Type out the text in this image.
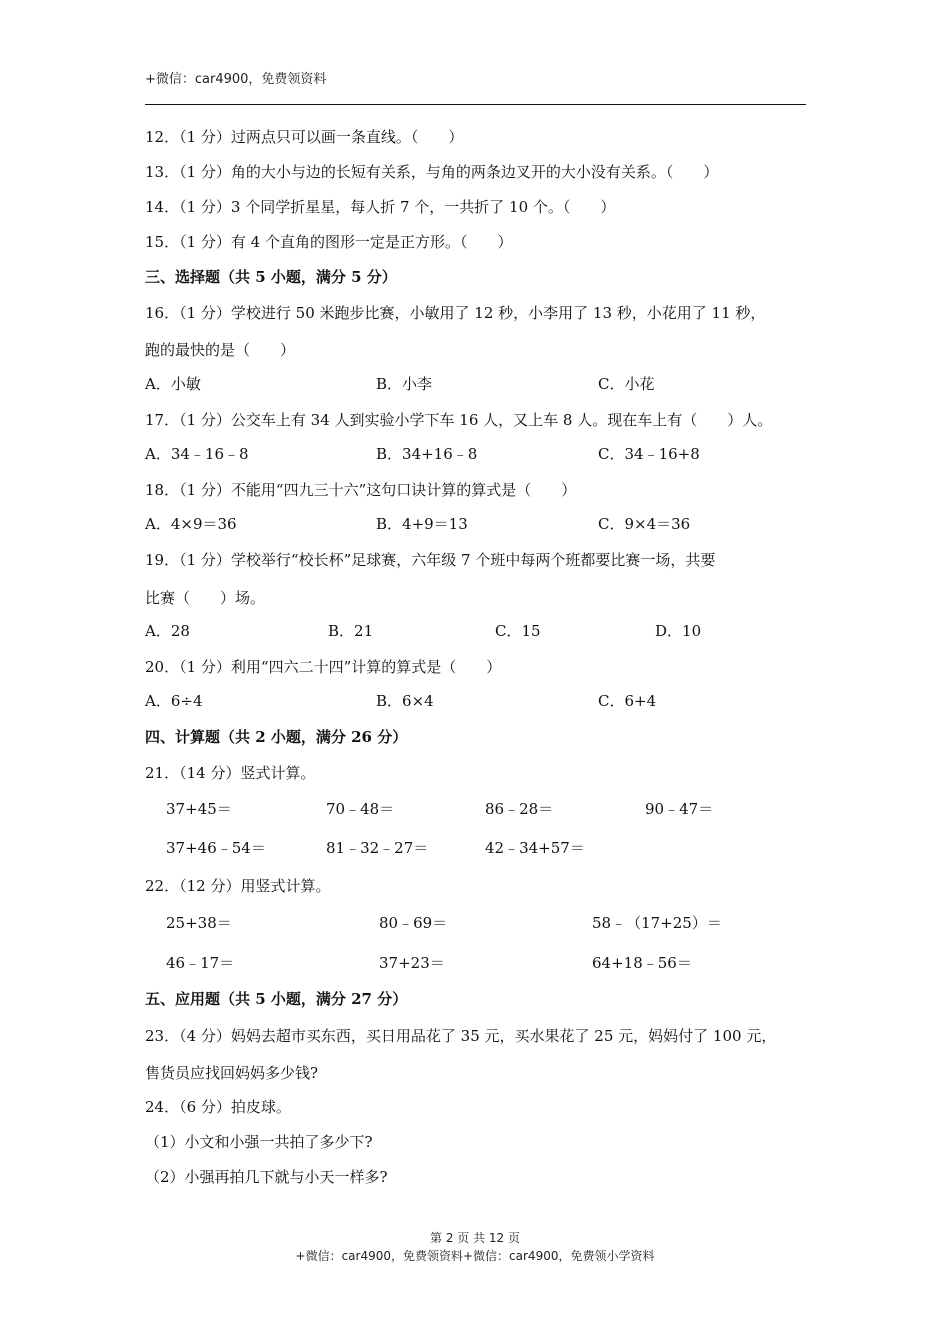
+微信：car4900，免费领资料
12．（1 分）过两点只可以画一条直线。（　　）
13．（1 分）角的大小与边的长短有关系，与角的两条边叉开的大小没有关系。（　　）
14．（1 分）3 个同学折星星，每人折 7 个，一共折了 10 个。（　　）
15．（1 分）有 4 个直角的图形一定是正方形。（　　）
三、选择题（共 5 小题，满分 5 分）
16．（1 分）学校进行 50 米跑步比赛，小敏用了 12 秒，小李用了 13 秒，小花用了 11 秒，
跑的最快的是（　　）
A．小敏	B．小李	C．小花
17．（1 分）公交车上有 34 人到实验小学下车 16 人，又上车 8 人。现在车上有（　　）人。
A．34﹣16﹣8	B．34+16﹣8	C．34﹣16+8
18．（1 分）不能用“四九三十六”这句口诀计算的算式是（　　）
A．4×9＝36	B．4+9＝13	C．9×4＝36
19．（1 分）学校举行“校长杯”足球赛，六年级 7 个班中每两个班都要比赛一场，共要
比赛（　　）场。
A．28	B．21	C．15	D．10
20．（1 分）利用“四六二十四”计算的算式是（　　）
A．6÷4	B．6×4	C．6+4
四、计算题（共 2 小题，满分 26 分）
21．（14 分）竖式计算。
37+45＝	70﹣48＝	86﹣28＝	90﹣47＝
37+46﹣54＝	81﹣32﹣27＝	42﹣34+57＝
22．（12 分）用竖式计算。
25+38＝	80﹣69＝	58﹣（17+25）＝
46﹣17＝	37+23＝	64+18﹣56＝
五、应用题（共 5 小题，满分 27 分）
23．（4 分）妈妈去超市买东西，买日用品花了 35 元，买水果花了 25 元，妈妈付了 100 元，
售货员应找回妈妈多少钱?
24．（6 分）拍皮球。
（1）小文和小强一共拍了多少下?
（2）小强再拍几下就与小天一样多?
第 2 页 共 12 页
+微信：car4900，免费领资料+微信：car4900，免费领小学资料
